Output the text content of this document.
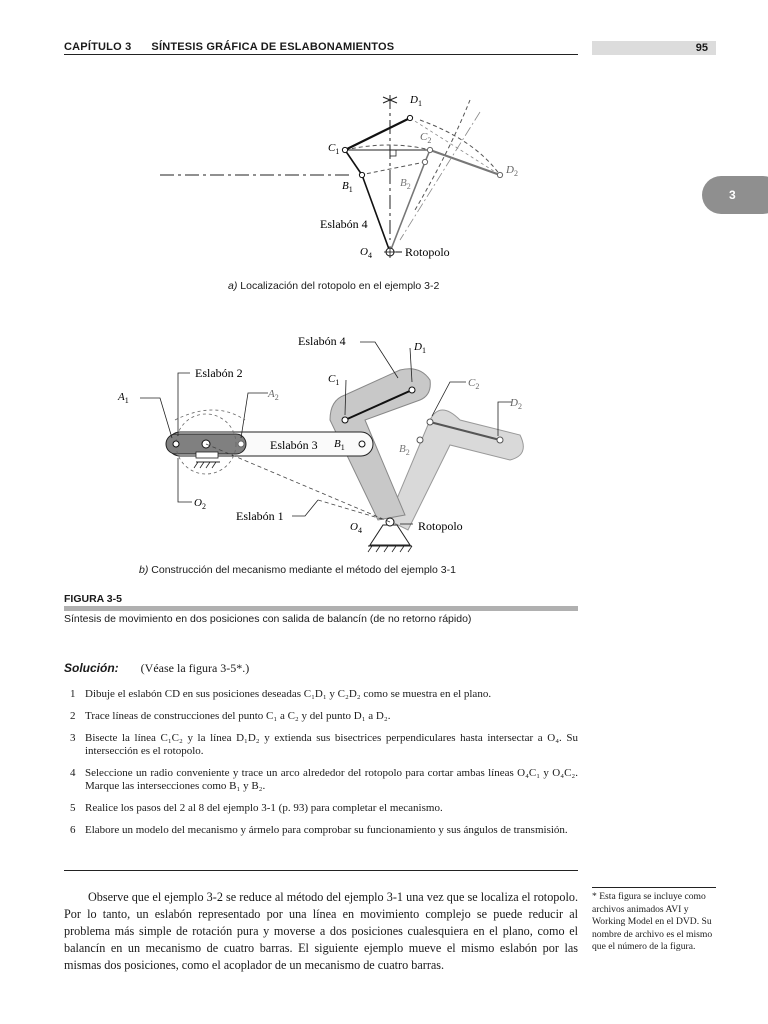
CAPÍTULO 3 SÍNTESIS GRÁFICA DE ESLABONAMIENTOS	95
3
$D_1$
$C_1$
$C_2$
$D_2$
$B_1$
$B_2$
Eslabón 4
$O_4$	Rotopolo
a) Localización del rotopolo en el ejemplo 3-2
Eslabón 4	$D_1$
Eslabón 2	$C_1$	$C_2$
$A_1$
$A_2$	$D_2$
Eslabón 3 $B_1$	$B_2$
$O_2$
Eslabón 1
$O_4$	Rotopolo
b) Construcción del mecanismo mediante el método del ejemplo 3-1
FIGURA 3-5
Síntesis de movimiento en dos posiciones con salida de balancín (de no retorno rápido)
Solución: (Véase la figura 3-5*.)
1 Dibuje el eslabón CD en sus posiciones deseadas C₁D₁ y C₂D₂ como se muestra en el plano.
2 Trace líneas de construcciones del punto C₁ a C₂ y del punto D₁ a D₂.
3 Bisecte la línea C₁C₂ y la línea D₁D₂ y extienda sus bisectrices perpendiculares hasta intersectar a O₄. Su intersección es el rotopolo.
4 Seleccione un radio conveniente y trace un arco alrededor del rotopolo para cortar ambas líneas O₄C₁ y O₄C₂. Marque las intersecciones como B₁ y B₂.
5 Realice los pasos del 2 al 8 del ejemplo 3-1 (p. 93) para completar el mecanismo.
6 Elabore un modelo del mecanismo y ármelo para comprobar su funcionamiento y sus ángulos de transmisión.
Observe que el ejemplo 3-2 se reduce al método del ejemplo 3-1 una vez que se localiza el rotopolo. Por lo tanto, un eslabón representado por una línea en movimiento complejo se puede reducir al problema más simple de rotación pura y moverse a dos posiciones cualesquiera en el plano, como el balancín en un mecanismo de cuatro barras. El siguiente ejemplo mueve el mismo eslabón por las mismas dos posiciones, como el acoplador de un mecanismo de cuatro barras.
* Esta figura se incluye como archivos animados AVI y Working Model en el DVD. Su nombre de archivo es el mismo que el número de la figura.
